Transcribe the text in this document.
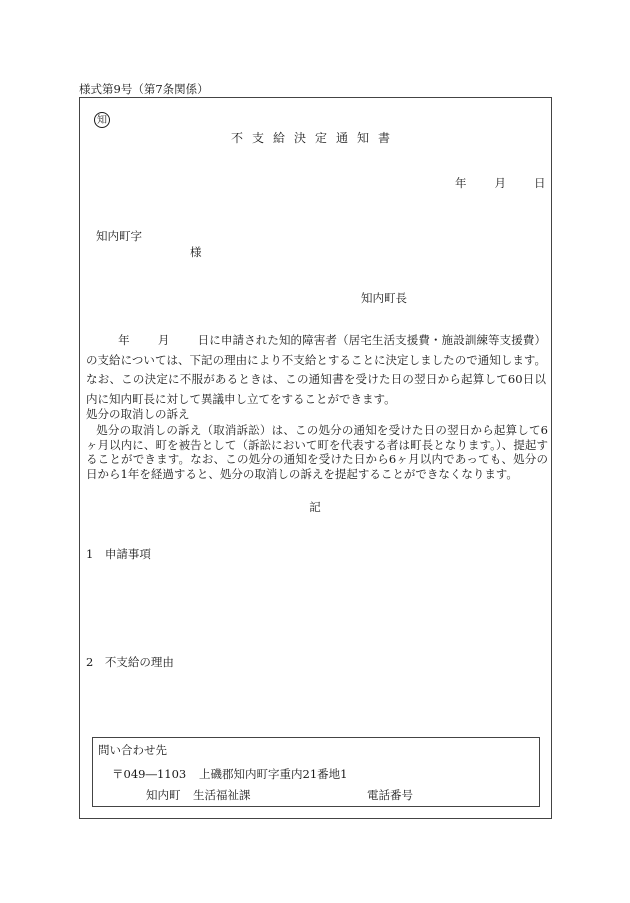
様式第9号（第7条関係）
知
不支給決定通知書
年 月 日
知内町字
様
知内町長

年 月 日に申請された知的障害者（居宅生活支援費・施設訓練等支援費）の支給については、下記の理由により不支給とすることに決定しましたので通知します。なお、この決定に不服があるときは、この通知書を受けた日の翌日から起算して60日以内に知内町長に対して異議申し立てをすることができます。

処分の取消しの訴え

処分の取消しの訴え（取消訴訟）は、この処分の通知を受けた日の翌日から起算して6ヶ月以内に、町を被告として（訴訟において町を代表する者は町長となります。）、提起することができます。なお、この処分の通知を受けた日から6ヶ月以内であっても、処分の日から1年を経過すると、処分の取消しの訴えを提起することができなくなります。

記
1　申請事項
2　不支給の理由
問い合わせ先
〒049―1103 上磯郡知内町字重内21番地1
知内町 生活福祉課	電話番号
